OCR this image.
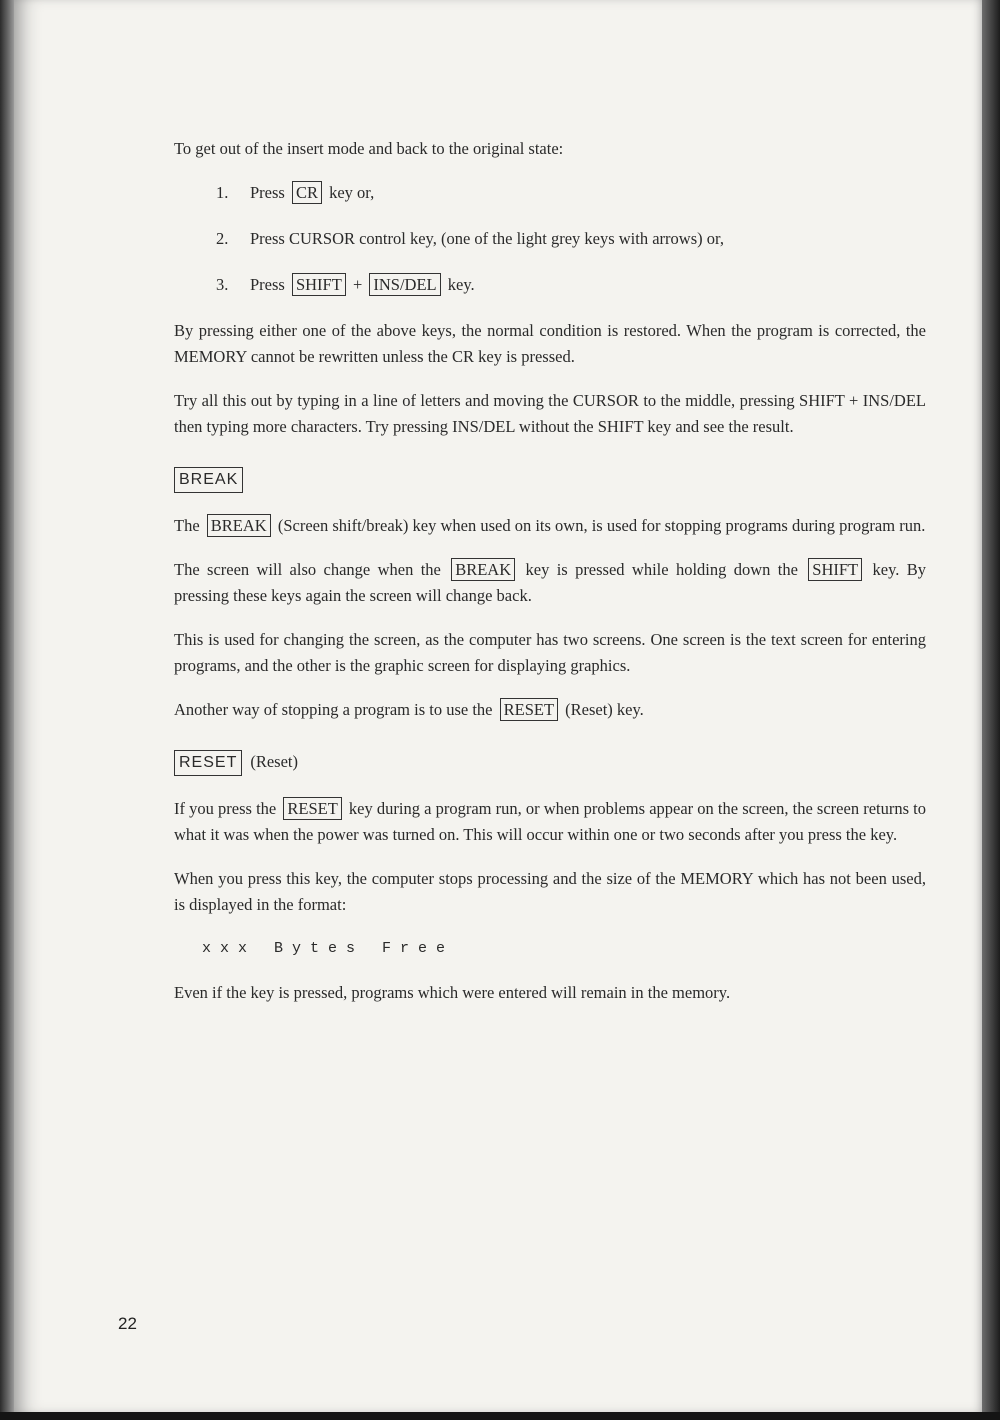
To get out of the insert mode and back to the original state:

1.	Press CR key or,
2.	Press CURSOR control key, (one of the light grey keys with arrows) or,
3.	Press SHIFT + INS/DEL key.

By pressing either one of the above keys, the normal condition is restored. When the program is corrected, the MEMORY cannot be rewritten unless the CR key is pressed.

Try all this out by typing in a line of letters and moving the CURSOR to the middle, pressing SHIFT + INS/DEL then typing more characters. Try pressing INS/DEL without the SHIFT key and see the result.

BREAK

The BREAK (Screen shift/break) key when used on its own, is used for stopping programs during program run.

The screen will also change when the BREAK key is pressed while holding down the SHIFT key. By pressing these keys again the screen will change back.

This is used for changing the screen, as the computer has two screens. One screen is the text screen for entering programs, and the other is the graphic screen for displaying graphics.

Another way of stopping a program is to use the RESET (Reset) key.

RESET (Reset)

If you press the RESET key during a program run, or when problems appear on the screen, the screen returns to what it was when the power was turned on. This will occur within one or two seconds after you press the key.

When you press this key, the computer stops processing and the size of the MEMORY which has not been used, is displayed in the format:

xxx Bytes Free

Even if the key is pressed, programs which were entered will remain in the memory.

22
